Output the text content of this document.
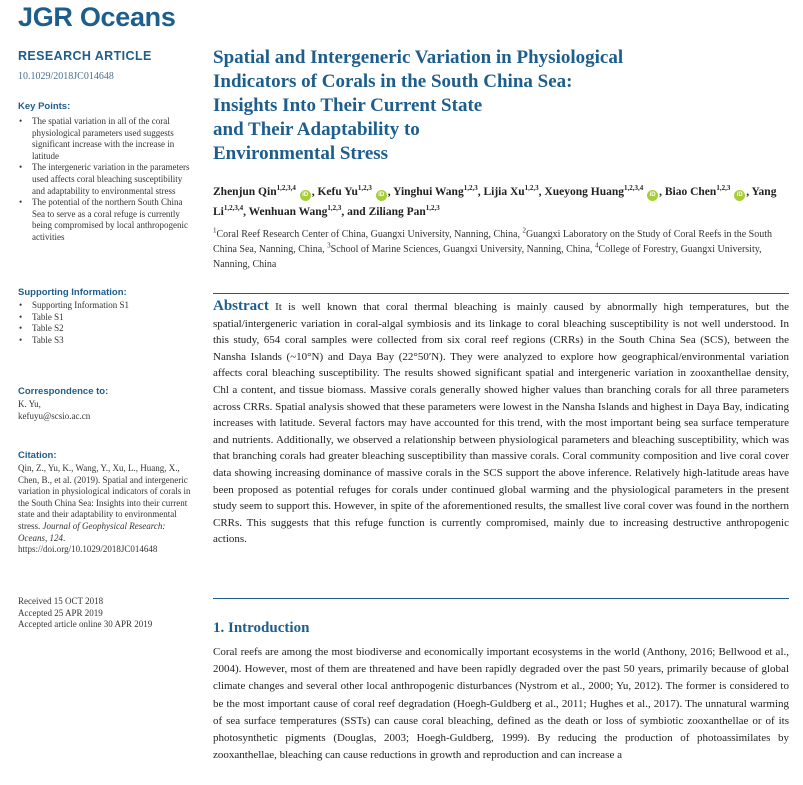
JGR Oceans
RESEARCH ARTICLE
10.1029/2018JC014648
Key Points:
• The spatial variation in all of the coral physiological parameters used suggests significant increase with the increase in latitude
• The intergeneric variation in the parameters used affects coral bleaching susceptibility and adaptability to environmental stress
• The potential of the northern South China Sea to serve as a coral refuge is currently being compromised by local anthropogenic activities
Supporting Information:
• Supporting Information S1
• Table S1
• Table S2
• Table S3
Correspondence to:

K. Yu,

kefuyu@scsio.ac.cn

Citation:

Qin, Z., Yu, K., Wang, Y., Xu, L., Huang, X., Chen, B., et al. (2019). Spatial and intergeneric variation in physiological indicators of corals in the South China Sea: Insights into their current state and their adaptability to environmental stress. Journal of Geophysical Research: Oceans, 124. https://doi.org/10.1029/2018JC014648

Received 15 OCT 2018

Accepted 25 APR 2019

Accepted article online 30 APR 2019

Spatial and Intergeneric Variation in Physiological
Indicators of Corals in the South China Sea:
Insights Into Their Current State
and Their Adaptability to
Environmental Stress
Zhenjun Qin$^{1,2,3,4}$ iD , Kefu Yu$^{1,2,3}$ iD , Yinghui Wang$^{1,2,3}$, Lijia Xu$^{1,2,3}$, Xueyong Huang$^{1,2,3,4}$ iD , Biao Chen$^{1,2,3}$ iD , Yang Li$^{1,2,3,4}$, Wenhuan Wang$^{1,2,3}$, and Ziliang Pan$^{1,2,3}$
$^1$Coral Reef Research Center of China, Guangxi University, Nanning, China, $^2$Guangxi Laboratory on the Study of Coral Reefs in the South China Sea, Nanning, China, $^3$School of Marine Sciences, Guangxi University, Nanning, China, $^4$College of Forestry, Guangxi University, Nanning, China

Abstract It is well known that coral thermal bleaching is mainly caused by abnormally high temperatures, but the spatial/intergeneric variation in coral-algal symbiosis and its linkage to coral bleaching susceptibility is not well understood. In this study, 654 coral samples were collected from six coral reef regions (CRRs) in the South China Sea (SCS), between the Nansha Islands (~10°N) and Daya Bay (22°50′N). They were analyzed to explore how geographical/environmental variation affects coral bleaching susceptibility. The results showed significant spatial and intergeneric variation in zooxanthellae density, Chl a content, and tissue biomass. Massive corals generally showed higher values than branching corals for all three parameters across CRRs. Spatial analysis showed that these parameters were lowest in the Nansha Islands and highest in Daya Bay, indicating increases with latitude. Several factors may have accounted for this trend, with the most important being sea surface temperature and nutrients. Additionally, we observed a relationship between physiological parameters and bleaching susceptibility, which was that branching corals had greater bleaching susceptibility than massive corals. Coral community composition and live coral cover data showing increasing dominance of massive corals in the SCS support the above inference. Relatively high-latitude areas have been proposed as potential refuges for corals under continued global warming and the physiological parameters in the present study seem to support this. However, in spite of the aforementioned results, the smallest live coral cover was found in the northern CRRs. This suggests that this refuge function is currently compromised, mainly due to increasing destructive anthropogenic actions.

1. Introduction

Coral reefs are among the most biodiverse and economically important ecosystems in the world (Anthony, 2016; Bellwood et al., 2004). However, most of them are threatened and have been rapidly degraded over the past 50 years, primarily because of global climate changes and several other local anthropogenic disturbances (Nystrom et al., 2000; Yu, 2012). The former is considered to be the most important cause of coral reef degradation (Hoegh-Guldberg et al., 2011; Hughes et al., 2017). The unnatural warming of sea surface temperatures (SSTs) can cause coral bleaching, defined as the death or loss of symbiotic zooxanthellae or of its photosynthetic pigments (Douglas, 2003; Hoegh-Guldberg, 1999). By reducing the production of photoassimilates by zooxanthellae, bleaching can cause reductions in growth and reproduction and can increase a
